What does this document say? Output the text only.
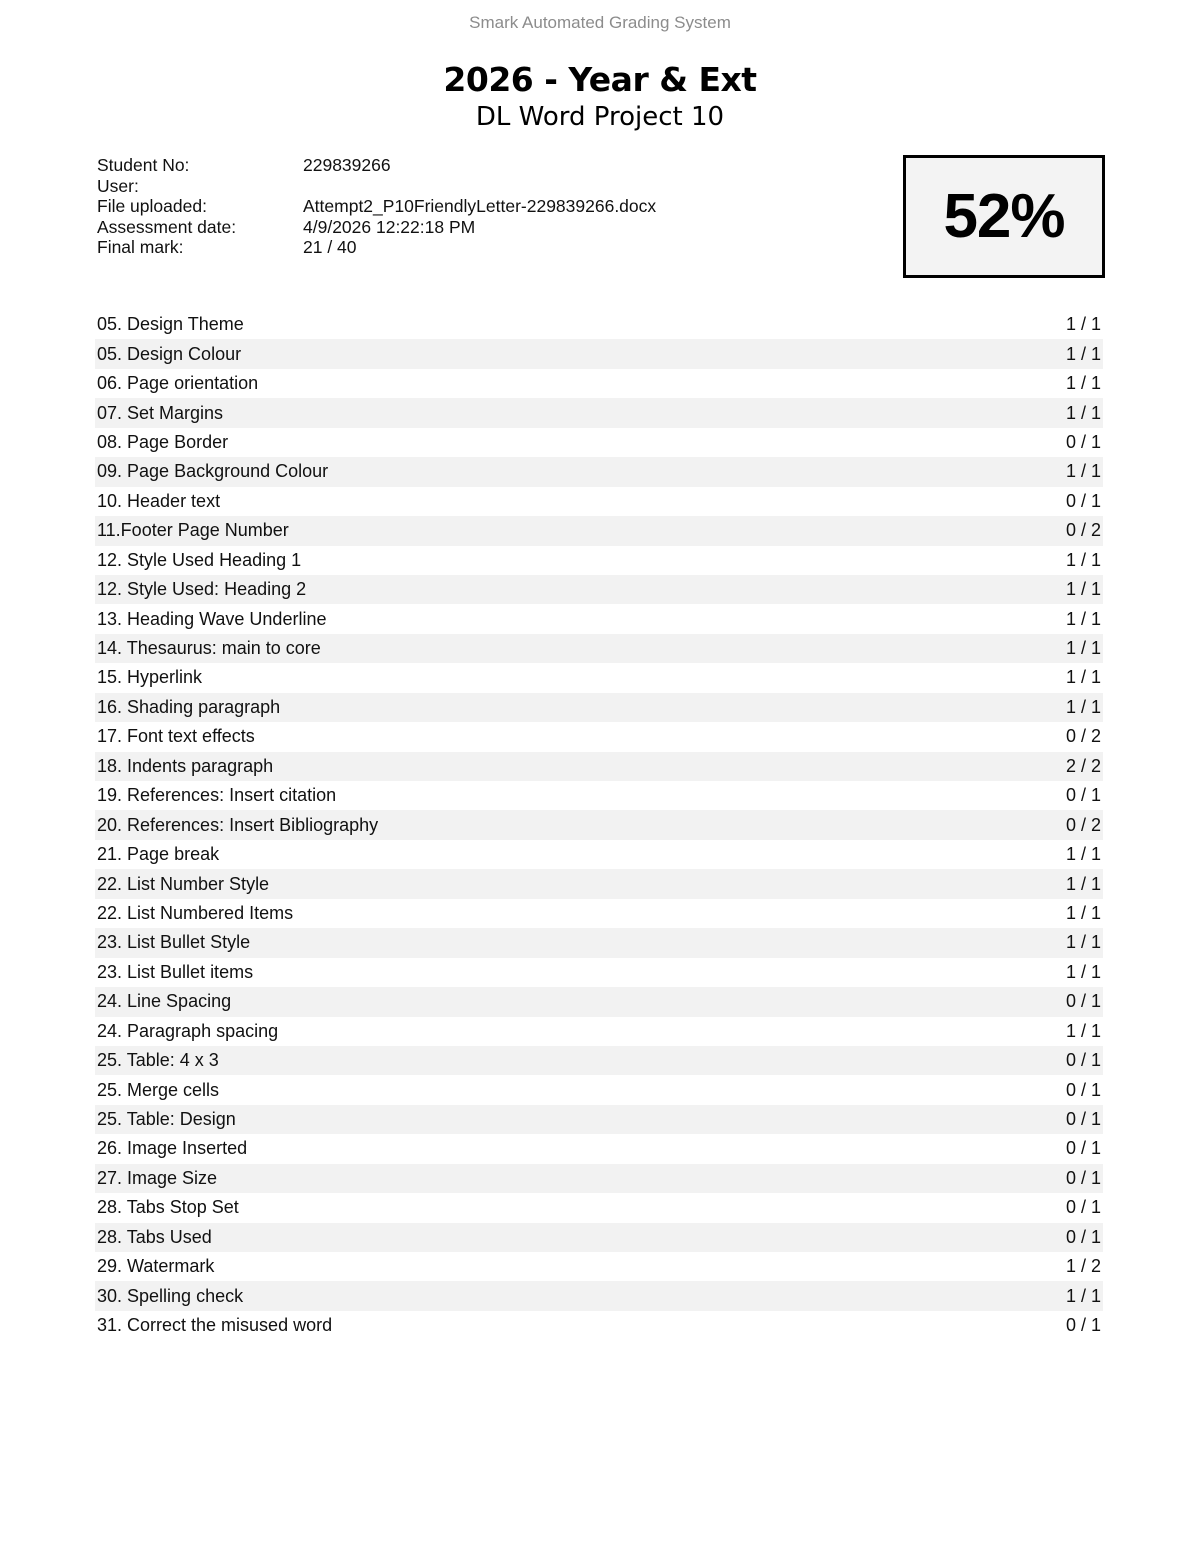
Smark Automated Grading System
2026 - Year & Ext
DL Word Project 10
Student No:	229839266
User:
File uploaded:	Attempt2_P10FriendlyLetter-229839266.docx
Assessment date:	4/9/2026 12:22:18 PM
Final mark:	21 / 40	52%
05. Design Theme	1 / 1
05. Design Colour	1 / 1
06. Page orientation	1 / 1
07. Set Margins	1 / 1
08. Page Border	0 / 1
09. Page Background Colour	1 / 1
10. Header text	0 / 1
11.Footer Page Number	0 / 2
12. Style Used Heading 1	1 / 1
12. Style Used: Heading 2	1 / 1
13. Heading Wave Underline	1 / 1
14. Thesaurus: main to core	1 / 1
15. Hyperlink	1 / 1
16. Shading paragraph	1 / 1
17. Font text effects	0 / 2
18. Indents paragraph	2 / 2
19. References: Insert citation	0 / 1
20. References: Insert Bibliography	0 / 2
21. Page break	1 / 1
22. List Number Style	1 / 1
22. List Numbered Items	1 / 1
23. List Bullet Style	1 / 1
23. List Bullet items	1 / 1
24. Line Spacing	0 / 1
24. Paragraph spacing	1 / 1
25. Table: 4 x 3	0 / 1
25. Merge cells	0 / 1
25. Table: Design	0 / 1
26. Image Inserted	0 / 1
27. Image Size	0 / 1
28. Tabs Stop Set	0 / 1
28. Tabs Used	0 / 1
29. Watermark	1 / 2
30. Spelling check	1 / 1
31. Correct the misused word	0 / 1
